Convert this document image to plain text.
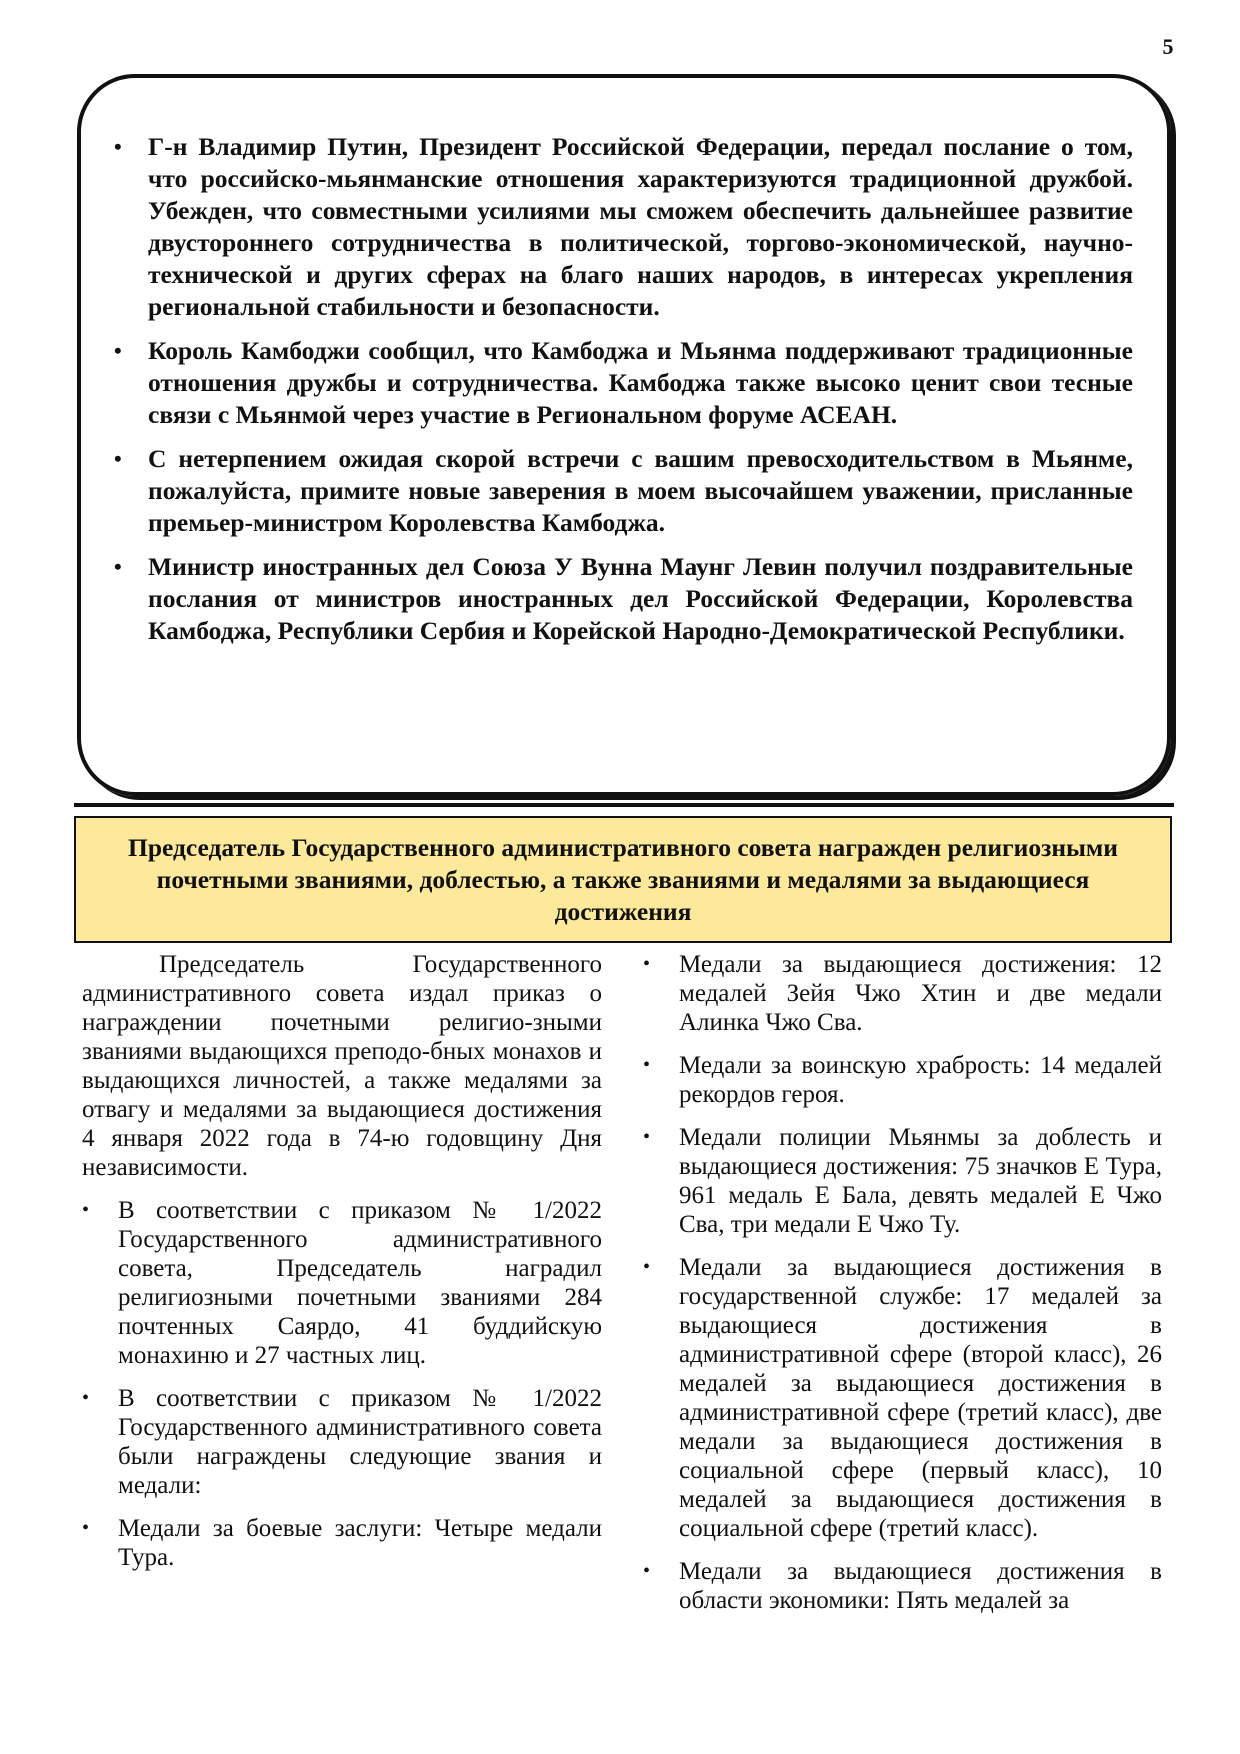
5
• Г-н Владимир Путин, Президент Российской Федерации, передал послание о том, что российско-мьянманские отношения характеризуются традиционной дружбой. Убежден, что совместными усилиями мы сможем обеспечить дальнейшее развитие двустороннего сотрудничества в политической, торгово-экономической, научно-технической и других сферах на благо наших народов, в интересах укрепления региональной стабильности и безопасности.
• Король Камбоджи сообщил, что Камбоджа и Мьянма поддерживают традиционные отношения дружбы и сотрудничества. Камбоджа также высоко ценит свои тесные связи с Мьянмой через участие в Региональном форуме АСЕАН.
• С нетерпением ожидая скорой встречи с вашим превосходительством в Мьянме, пожалуйста, примите новые заверения в моем высочайшем уважении, присланные премьер-министром Королевства Камбоджа.
• Министр иностранных дел Союза У Вунна Маунг Левин получил поздравительные послания от министров иностранных дел Российской Федерации, Королевства Камбоджа, Республики Сербия и Корейской Народно-Демократической Республики.
Председатель Государственного административного совета награжден религиозными почетными званиями, доблестью, а также званиями и медалями за выдающиеся достижения

Председатель Государственного административного совета издал приказ о награждении почетными религио-зными званиями выдающихся преподо-бных монахов и выдающихся личностей, а также медалями за отвагу и медалями за выдающиеся достижения 4 января 2022 года в 74-ю годовщину Дня независимости.

• В соответствии с приказом № 1/2022 Государственного административного совета, Председатель наградил религиозными почетными званиями 284 почтенных Саярдо, 41 буддийскую монахиню и 27 частных лиц.
• В соответствии с приказом № 1/2022 Государственного административного совета были награждены следующие звания и медали:
• Медали за боевые заслуги: Четыре медали Тура.
• Медали за выдающиеся достижения: 12 медалей Зейя Чжо Хтин и две медали Алинка Чжо Сва.
• Медали за воинскую храбрость: 14 медалей рекордов героя.
• Медали полиции Мьянмы за доблесть и выдающиеся достижения: 75 значков Е Тура, 961 медаль Е Бала, девять медалей Е Чжо Сва, три медали Е Чжо Ту.
• Медали за выдающиеся достижения в государственной службе: 17 медалей за выдающиеся достижения в административной сфере (второй класс), 26 медалей за выдающиеся достижения в административной сфере (третий класс), две медали за выдающиеся достижения в социальной сфере (первый класс), 10 медалей за выдающиеся достижения в социальной сфере (третий класс).
• Медали за выдающиеся достижения в области экономики: Пять медалей за
